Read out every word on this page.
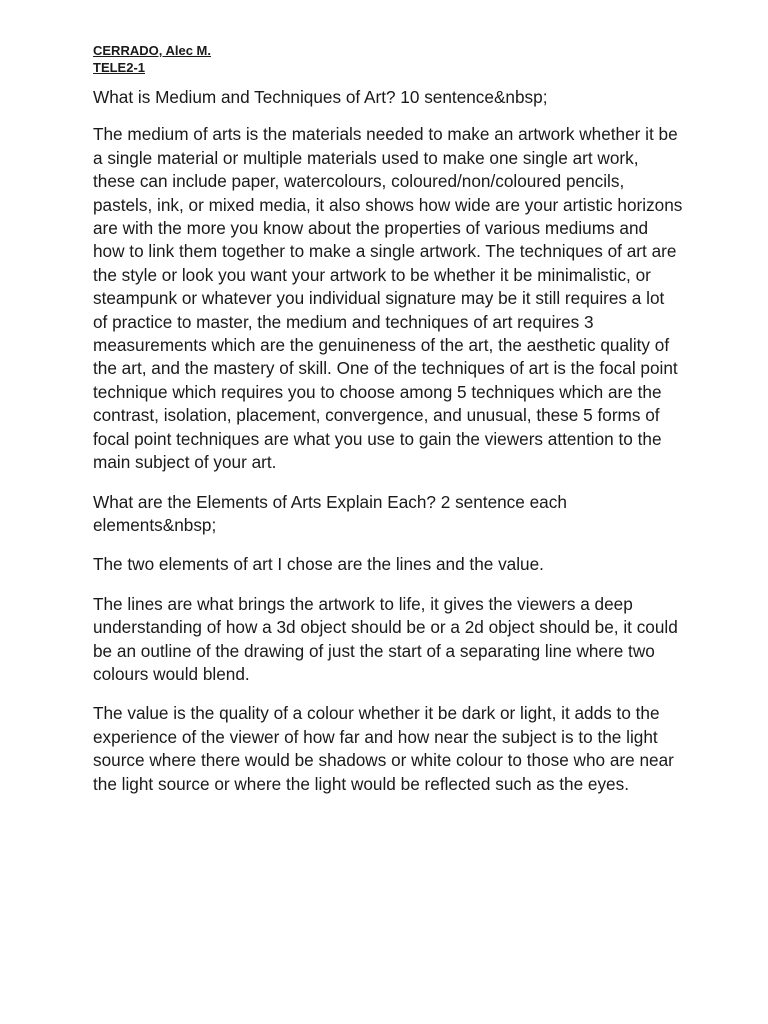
CERRADO, Alec M.

TELE2-1

What is Medium and Techniques of Art? 10 sentence&nbsp;

The medium of arts is the materials needed to make an artwork whether it be a single material or multiple materials used to make one single art work, these can include paper, watercolours, coloured/non/coloured pencils, pastels, ink, or mixed media, it also shows how wide are your artistic horizons are with the more you know about the properties of various mediums and how to link them together to make a single artwork. The techniques of art are the style or look you want your artwork to be whether it be minimalistic, or steampunk or whatever you individual signature may be it still requires a lot of practice to master, the medium and techniques of art requires 3 measurements which are the genuineness of the art, the aesthetic quality of the art, and the mastery of skill. One of the techniques of art is the focal point technique which requires you to choose among 5 techniques which are the contrast, isolation, placement, convergence, and unusual, these 5 forms of focal point techniques are what you use to gain the viewers attention to the main subject of your art.

What are the Elements of Arts Explain Each? 2 sentence each elements&nbsp;

The two elements of art I chose are the lines and the value.

The lines are what brings the artwork to life, it gives the viewers a deep understanding of how a 3d object should be or a 2d object should be, it could be an outline of the drawing of just the start of a separating line where two colours would blend.

The value is the quality of a colour whether it be dark or light, it adds to the experience of the viewer of how far and how near the subject is to the light source where there would be shadows or white colour to those who are near the light source or where the light would be reflected such as the eyes.
